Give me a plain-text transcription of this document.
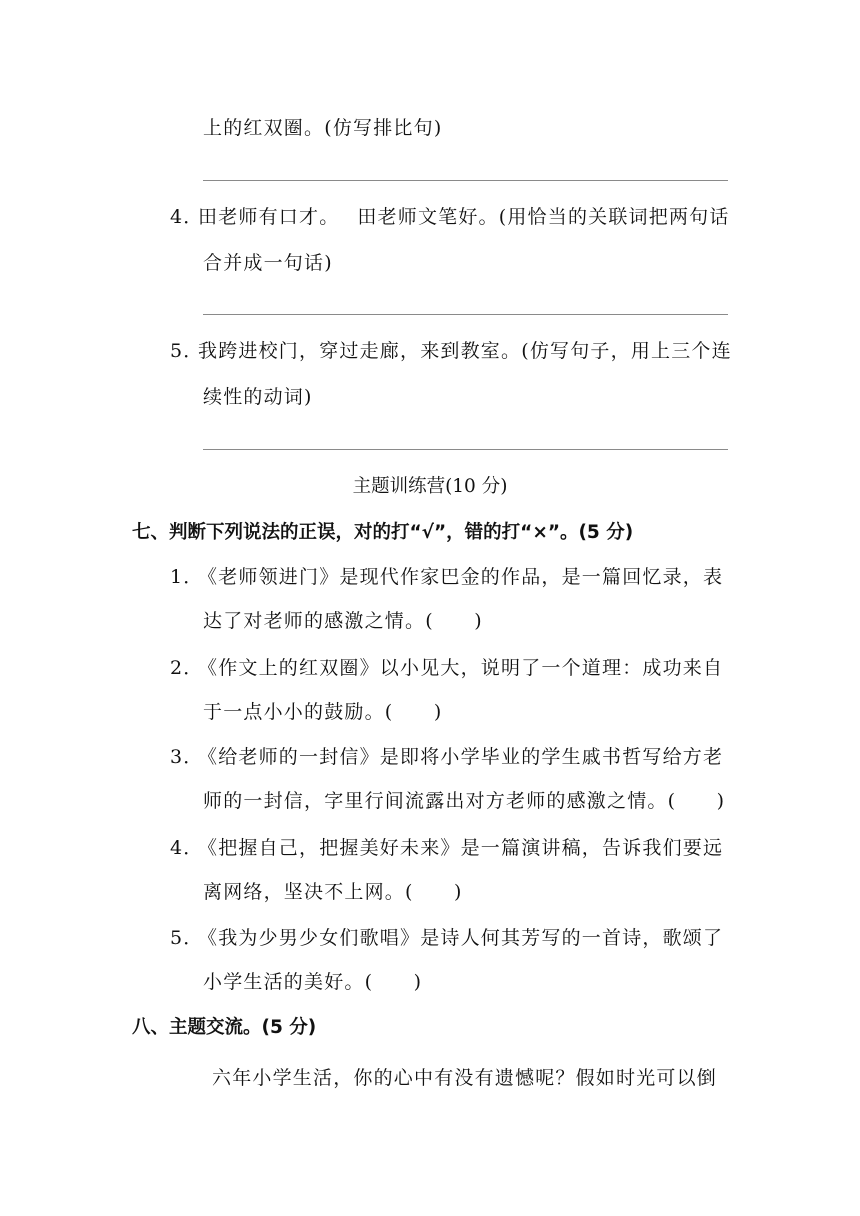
上的红双圈。(仿写排比句)
4．田老师有口才。　 田老师文笔好。(用恰当的关联词把两句话
合并成一句话)
5．我跨进校门，穿过走廊，来到教室。(仿写句子，用上三个连
续性的动词)
主题训练营(10 分)
七、判断下列说法的正误，对的打“√”，错的打“×”。(5 分)
1．《老师领进门》是现代作家巴金的作品，是一篇回忆录，表
达了对老师的感激之情。(　　)
2．《作文上的红双圈》以小见大，说明了一个道理：成功来自
于一点小小的鼓励。(　　)
3．《给老师的一封信》是即将小学毕业的学生戚书哲写给方老
师的一封信，字里行间流露出对方老师的感激之情。(　　)
4．《把握自己，把握美好未来》是一篇演讲稿，告诉我们要远
离网络，坚决不上网。(　　)
5．《我为少男少女们歌唱》是诗人何其芳写的一首诗，歌颂了
小学生活的美好。(　　)
八、主题交流。(5 分)
六年小学生活，你的心中有没有遗憾呢？假如时光可以倒
